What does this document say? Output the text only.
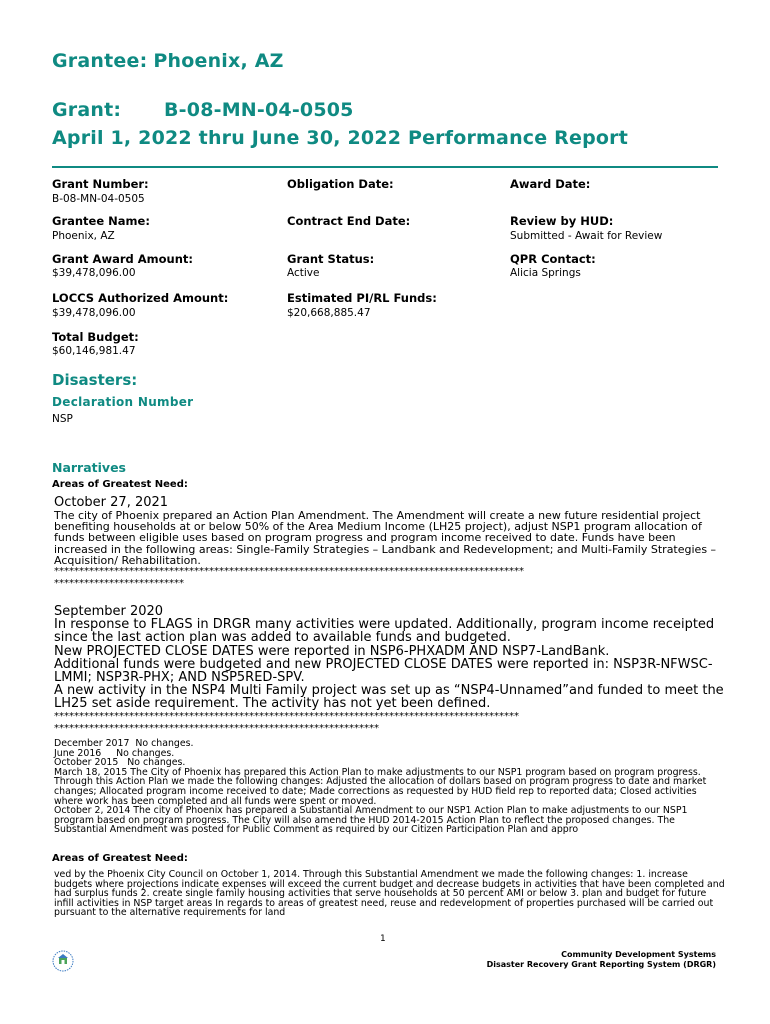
Grantee: Phoenix, AZ
Grant: B-08-MN-04-0505
April 1, 2022 thru June 30, 2022 Performance Report
Grant Number:
B-08-MN-04-0505
Obligation Date:	Award Date:
Grantee Name:
Phoenix, AZ
Contract End Date:	Review by HUD:
Submitted - Await for Review
Grant Award Amount:
$39,478,096.00
Grant Status:
Active
QPR Contact:
Alicia Springs
LOCCS Authorized Amount:
$39,478,096.00
Estimated PI/RL Funds:
$20,668,885.47
Total Budget:
$60,146,981.47
Disasters:
Declaration Number
NSP
Narratives
Areas of Greatest Need:

October 27, 2021

The city of Phoenix prepared an Action Plan Amendment. The Amendment will create a new future residential project benefiting households at or below 50% of the Area Medium Income (LH25 project), adjust NSP1 program allocation of funds between eligible uses based on program progress and program income received to date. Funds have been increased in the following areas: Single-Family Strategies – Landbank and Redevelopment; and Multi-Family Strategies – Acquisition/ Rehabilitation.

**********************************************************************************************

**************************

September 2020

In response to FLAGS in DRGR many activities were updated. Additionally, program income receipted since the last action plan was added to available funds and budgeted.

New PROJECTED CLOSE DATES were reported in NSP6-PHXADM AND NSP7-LandBank.

Additional funds were budgeted and new PROJECTED CLOSE DATES were reported in: NSP3R-NFWSC-LMMI; NSP3R-PHX; AND NSP5RED-SPV.

A new activity in the NSP4 Multi Family project was set up as “NSP4-Unnamed”and funded to meet the LH25 set aside requirement. The activity has not yet been defined.

*********************************************************************************************

*****************************************************************

December 2017  No changes.

June 2016     No changes.

October 2015   No changes.

March 18, 2015 The City of Phoenix has prepared this Action Plan to make adjustments to our NSP1 program based on program progress. Through this Action Plan we made the following changes: Adjusted the allocation of dollars based on program progress to date and market changes; Allocated program income received to date; Made corrections as requested by HUD field rep to reported data; Closed activities where work has been completed and all funds were spent or moved.

October 2, 2014 The city of Phoenix has prepared a Substantial Amendment to our NSP1 Action Plan to make adjustments to our NSP1 program based on program progress. The City will also amend the HUD 2014-2015 Action Plan to reflect the proposed changes. The Substantial Amendment was posted for Public Comment as required by our Citizen Participation Plan and appro

Areas of Greatest Need:
ved by the Phoenix City Council on October 1, 2014. Through this Substantial Amendment we made the following changes: 1. increase budgets where projections indicate expenses will exceed the current budget and decrease budgets in activities that have been completed and had surplus funds 2. create single family housing activities that serve households at 50 percent AMI or below 3. plan and budget for future infill activities in NSP target areas In regards to areas of greatest need, reuse and redevelopment of properties purchased will be carried out pursuant to the alternative requirements for land
1
Community Development Systems
Disaster Recovery Grant Reporting System (DRGR)
